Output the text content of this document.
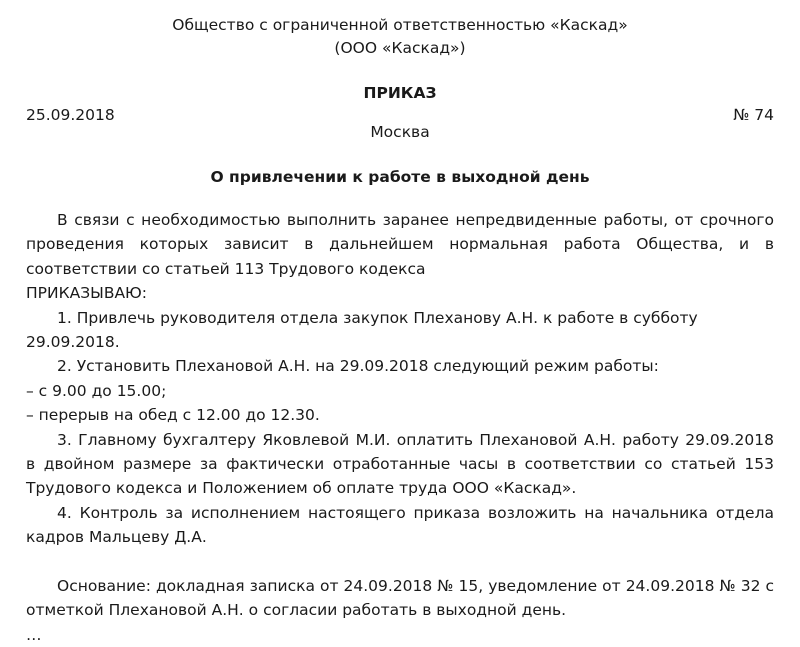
Общество с ограниченной ответственностью «Каскад»
(ООО «Каскад»)
ПРИКАЗ
25.09.2018	№ 74
Москва
О привлечении к работе в выходной день

В связи с необходимостью выполнить заранее непредвиденные работы, от срочного проведения которых зависит в дальнейшем нормальная работа Общества, и в соответствии со статьей 113 Трудового кодекса

ПРИКАЗЫВАЮ:

1. Привлечь руководителя отдела закупок Плеханову А.Н. к работе в субботу 29.09.2018.

2. Установить Плехановой А.Н. на 29.09.2018 следующий режим работы:

– с 9.00 до 15.00;

– перерыв на обед с 12.00 до 12.30.

3. Главному бухгалтеру Яковлевой М.И. оплатить Плехановой А.Н. работу 29.09.2018 в двойном размере за фактически отработанные часы в соответствии со статьей 153 Трудового кодекса и Положением об оплате труда ООО «Каскад».

4. Контроль за исполнением настоящего приказа возложить на начальника отдела кадров Мальцеву Д.А.

Основание: докладная записка от 24.09.2018 № 15, уведомление от 24.09.2018 № 32 с отметкой Плехановой А.Н. о согласии работать в выходной день.

…
